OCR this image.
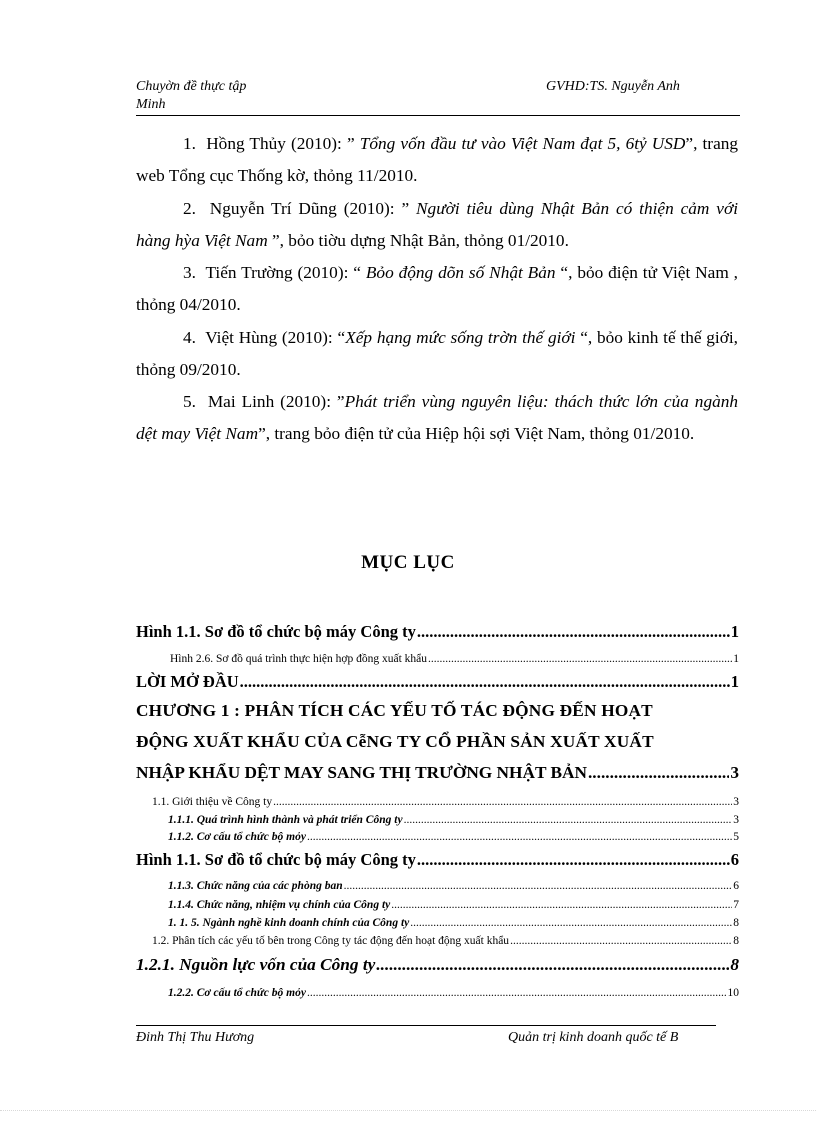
Chuyờn đề thực tập
Minh
GVHD:TS. Nguyễn Anh
1. Hồng Thủy (2010): ” Tổng vốn đầu tư vào Việt Nam đạt 5, 6tỷ USD”, trang web Tổng cục Thống kờ, thỏng 11/2010.
2. Nguyễn Trí Dũng (2010): ” Người tiêu dùng Nhật Bản có thiện cảm với hàng hỳa Việt Nam ”, bỏo tiờu dựng Nhật Bản, thỏng 01/2010.
3. Tiến Trường (2010): “ Bỏo động dõn số Nhật Bản “, bỏo điện tử Việt Nam , thỏng 04/2010.
4. Việt Hùng (2010): “Xếp hạng mức sống trờn thế giới “, bỏo kinh tế thế giới, thỏng 09/2010.
5. Mai Linh (2010): ”Phát triển vùng nguyên liệu: thách thức lớn của ngành dệt may Việt Nam”, trang bỏo điện tử của Hiệp hội sợi Việt Nam, thỏng 01/2010.
MỤC LỤC
Hình 1.1. Sơ đồ tổ chức bộ máy Công ty .....	1
Hình 2.6. Sơ đồ quá trình thực hiện hợp đồng xuất khẩu .....	1
LỜI MỞ ĐẦU .....	1
CHƯƠNG 1 : PHÂN TÍCH CÁC YẾU TỐ TÁC ĐỘNG ĐẾN HOẠT
ĐỘNG XUẤT KHẨU CỦA CễNG TY CỔ PHẦN SẢN XUẤT XUẤT
NHẬP KHẨU DỆT MAY SANG THỊ TRƯỜNG NHẬT BẢN .....	3
1.1. Giới thiệu về Công ty .....	3
1.1.1. Quá trình hình thành và phát triển Công ty .....	3
1.1.2. Cơ cấu tổ chức bộ mỏy .....	5
Hình 1.1. Sơ đồ tổ chức bộ máy Công ty .....	6
1.1.3. Chức năng của các phòng ban .....	6
1.1.4. Chức năng, nhiệm vụ chính của Công ty .....	7
1. 1. 5. Ngành nghề kinh doanh chính của Công ty .....	8
1.2. Phân tích các yếu tố bên trong Công ty tác động đến hoạt động xuất khẩu .....	8
1.2.1. Nguồn lực vốn của Công ty .....	8
1.2.2. Cơ cấu tổ chức bộ mỏy .....	10
Đinh Thị Thu Hương	Quản trị kinh doanh quốc tế B
